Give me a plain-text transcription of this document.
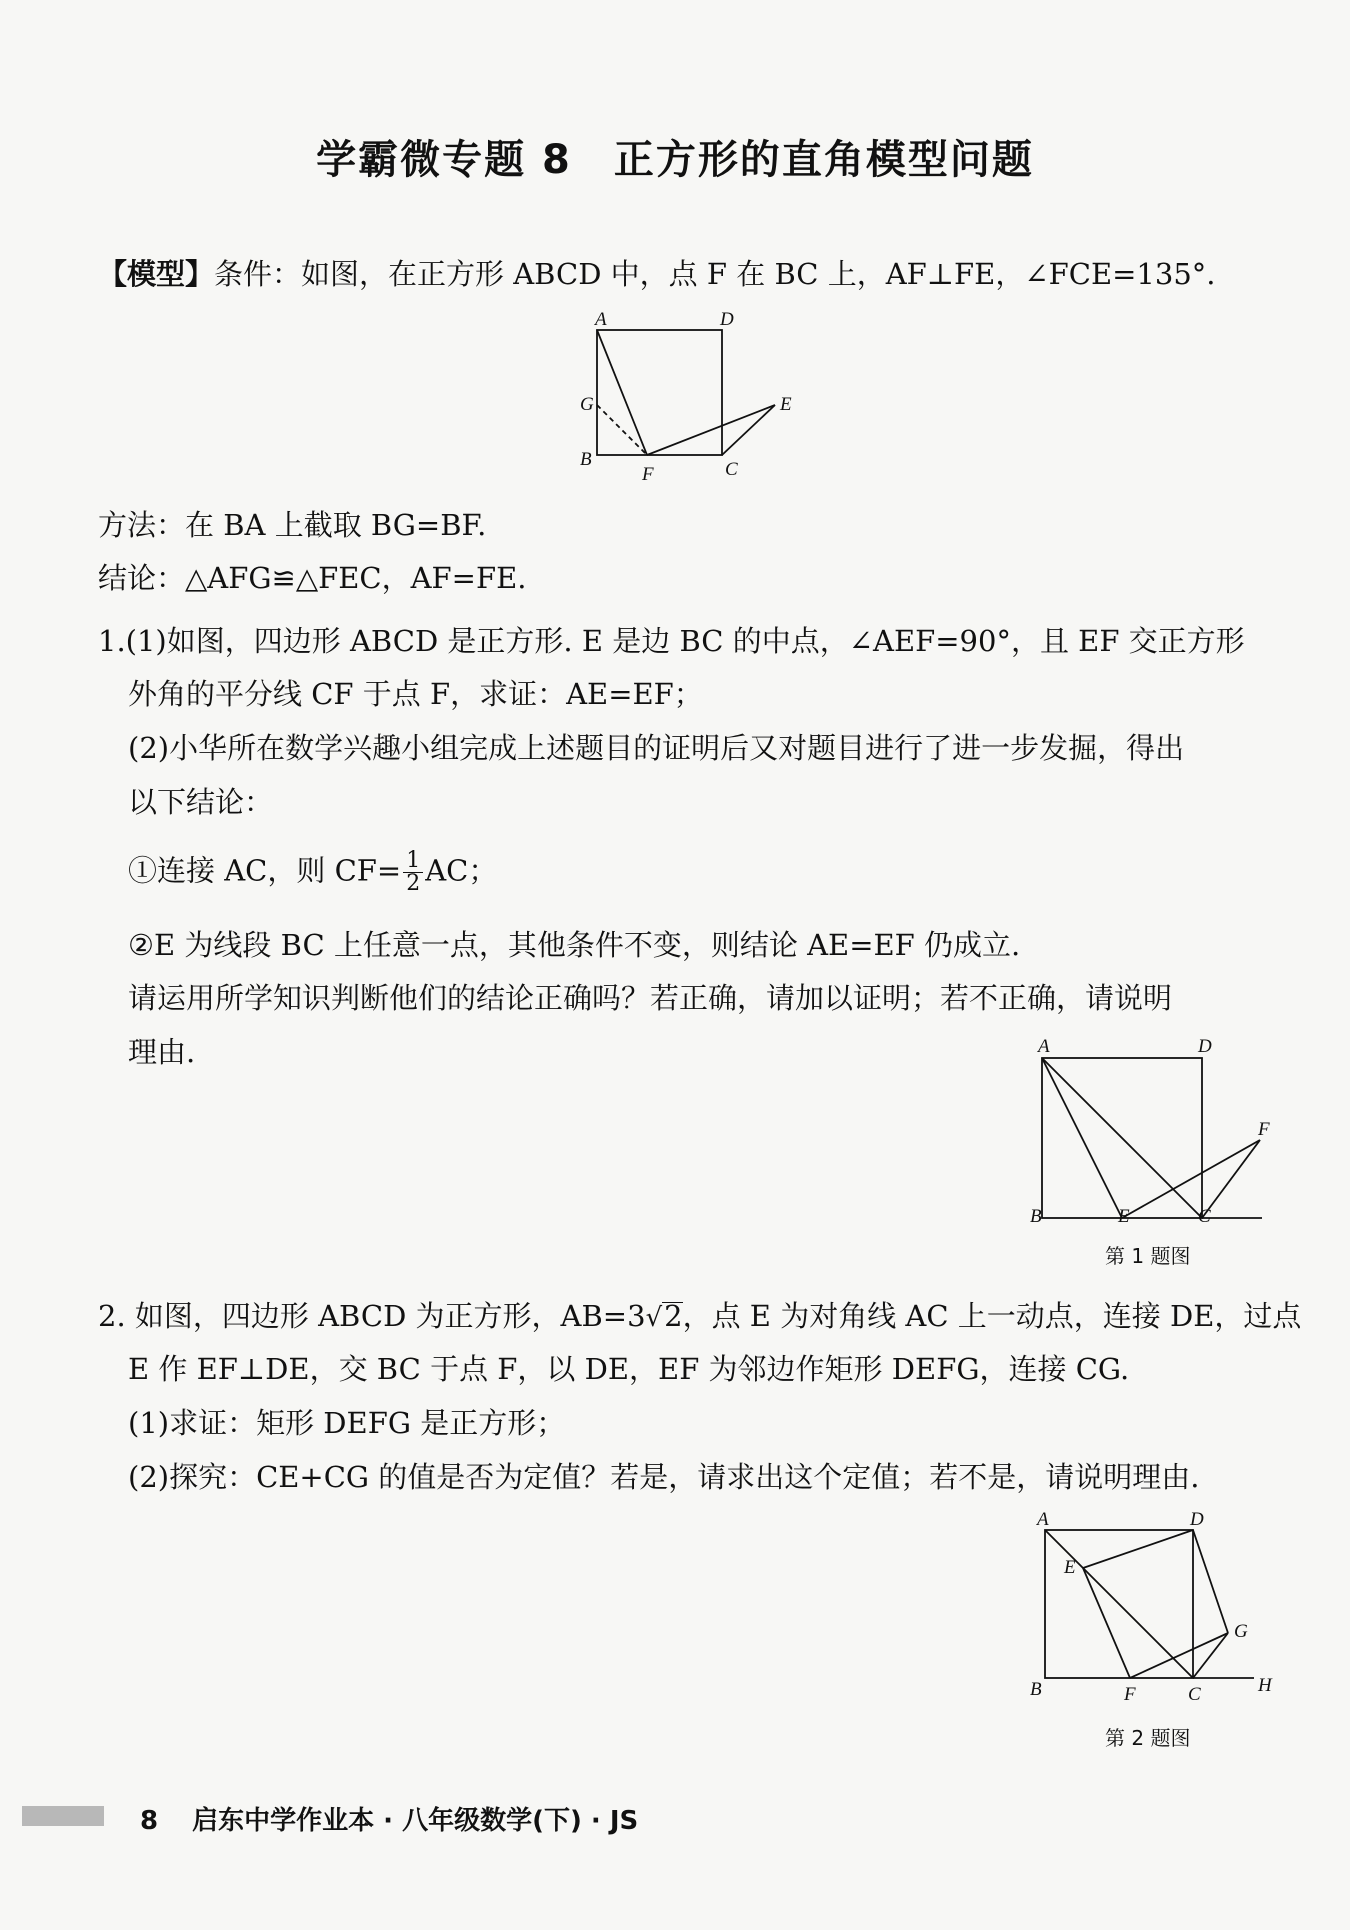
学霸微专题 8　正方形的直角模型问题
【模型】条件：如图，在正方形 ABCD 中，点 F 在 BC 上，AF⊥FE，∠FCE=135°.
A	D
G	E
B
F	C
方法：在 BA 上截取 BG=BF.
结论：△AFG≌△FEC，AF=FE.
1.(1)如图，四边形 ABCD 是正方形. E 是边 BC 的中点，∠AEF=90°，且 EF 交正方形
外角的平分线 CF 于点 F，求证：AE=EF；
(2)小华所在数学兴趣小组完成上述题目的证明后又对题目进行了进一步发掘，得出
以下结论：
①连接 AC，则 $CF= \frac{1}{2}$ AC；
②E 为线段 BC 上任意一点，其他条件不变，则结论 AE=EF 仍成立.
请运用所学知识判断他们的结论正确吗？若正确，请加以证明；若不正确，请说明
理由.	A	D
F
B	E	C
第 1 题图
2. 如图，四边形 ABCD 为正方形，AB=3√2，点 E 为对角线 AC 上一动点，连接 DE，过点
E 作 EF⊥DE，交 BC 于点 F，以 DE，EF 为邻边作矩形 DEFG，连接 CG.
(1)求证：矩形 DEFG 是正方形；
(2)探究：CE+CG 的值是否为定值？若是，请求出这个定值；若不是，请说明理由.
A	D
E
G
B	F	C	H
第 2 题图
8 启东中学作业本 · 八年级数学(下) · JS
